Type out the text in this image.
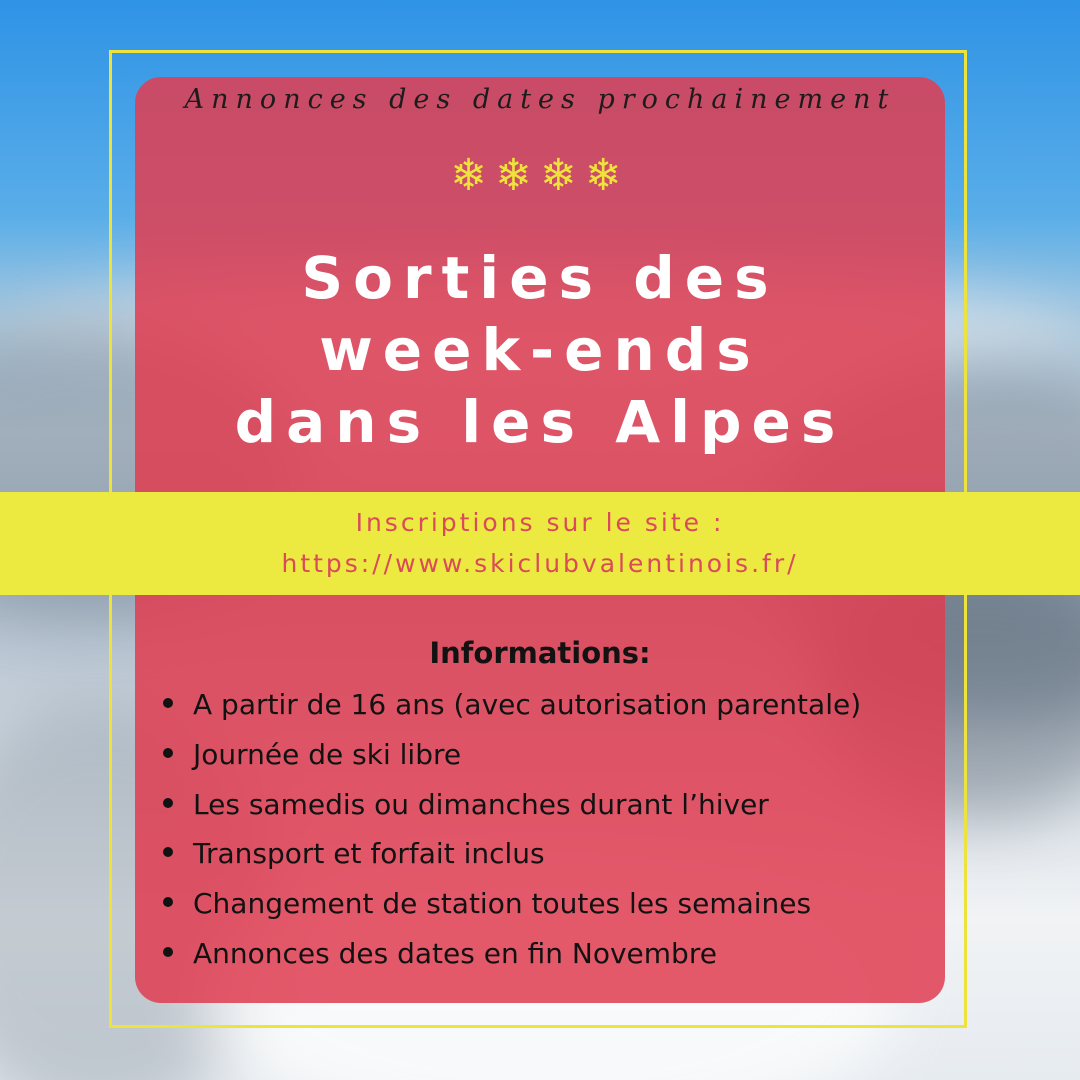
Annonces des dates prochainement
❄❄❄❄
Sorties des
week-ends
dans les Alpes
Inscriptions sur le site :
https://www.skiclubvalentinois.fr/
Informations:
A partir de 16 ans (avec autorisation parentale)
Journée de ski libre
Les samedis ou dimanches durant l’hiver
Transport et forfait inclus
Changement de station toutes les semaines
Annonces des dates en fin Novembre
